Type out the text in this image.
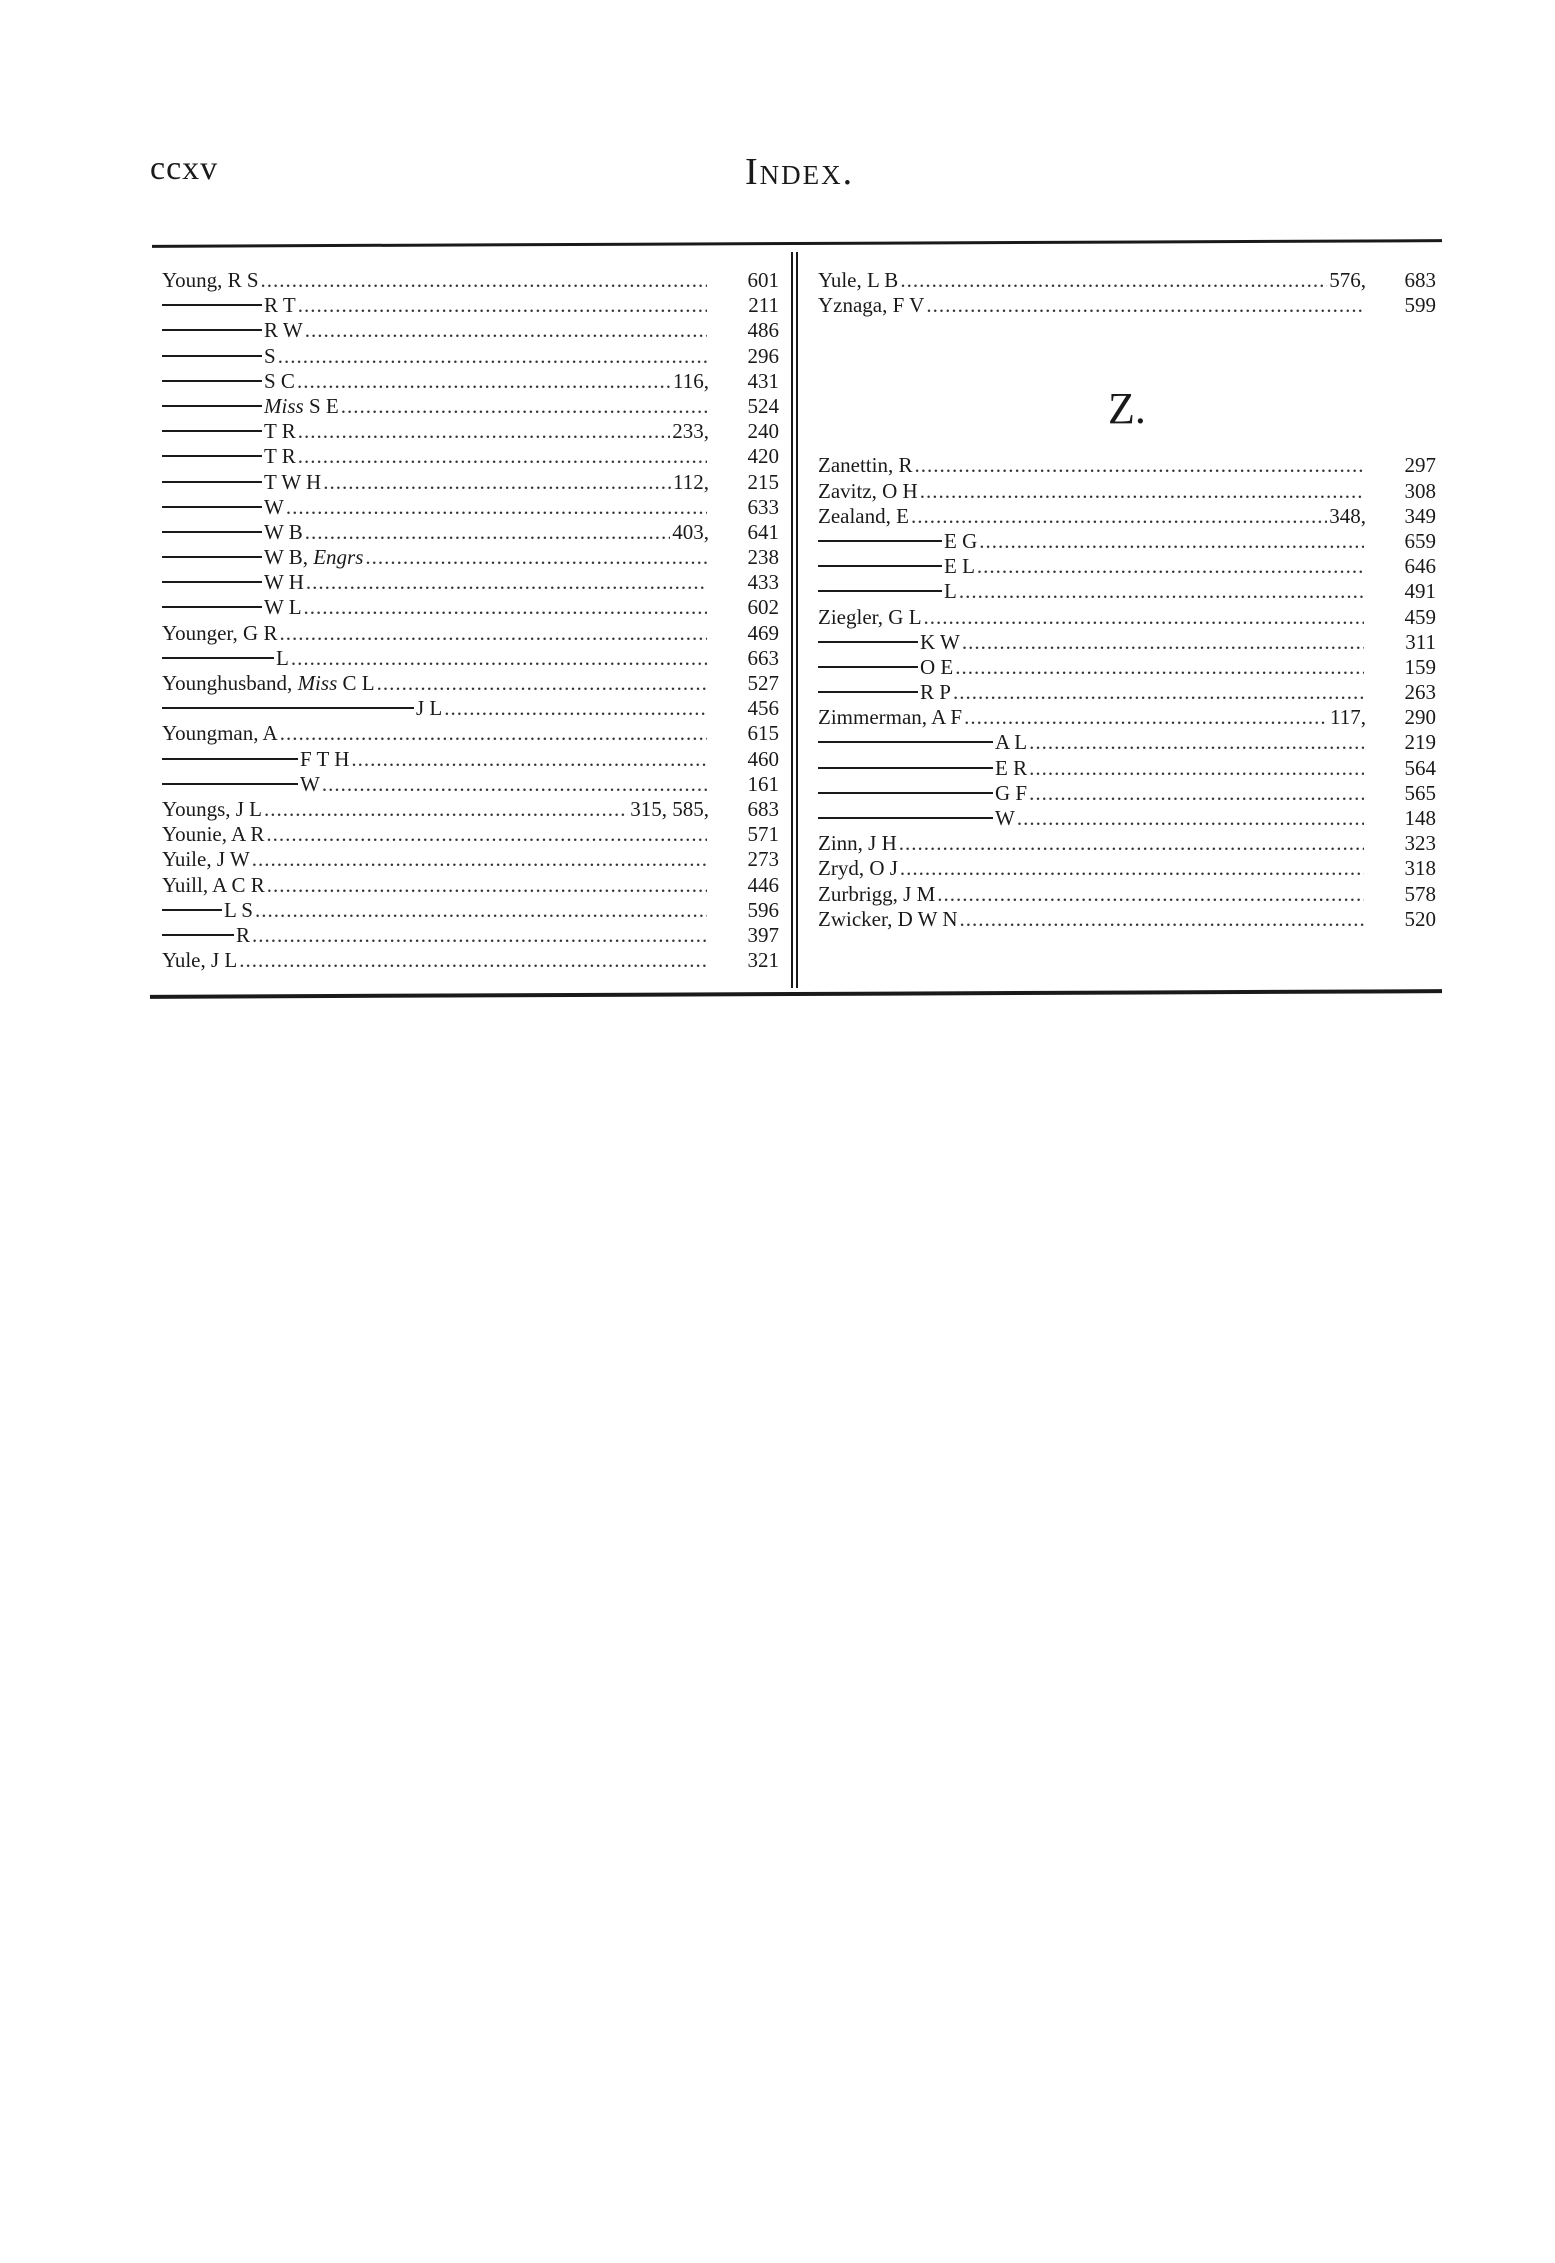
ccxv	Index.
Young, R S .....	601
R T .....	211
R W .....	486
S .....	296
S C .....	116,	431
Miss S E .....	524
T R .....	233,	240
T R .....	420
T W H .....	112,	215
W .....	633
W B .....	403,	641
W B, Engrs .....	238
W H .....	433
W L .....	602
Younger, G R .....	469
L .....	663
Younghusband, Miss C L .....	527
J L .....	456
Youngman, A .....	615
F T H .....	460
W .....	161
Youngs, J L .....	315, 585,	683
Younie, A R .....	571
Yuile, J W .....	273
Yuill, A C R .....	446
L S .....	596
R .....	397
Yule, J L .....	321
Yule, L B .....	576,	683
Yznaga, F V .....	599
Z.
Zanettin, R .....	297
Zavitz, O H .....	308
Zealand, E .....	348,	349
E G .....	659
E L .....	646
L .....	491
Ziegler, G L .....	459
K W .....	311
O E .....	159
R P .....	263
Zimmerman, A F .....	117,	290
A L .....	219
E R .....	564
G F .....	565
W .....	148
Zinn, J H .....	323
Zryd, O J .....	318
Zurbrigg, J M .....	578
Zwicker, D W N .....	520
